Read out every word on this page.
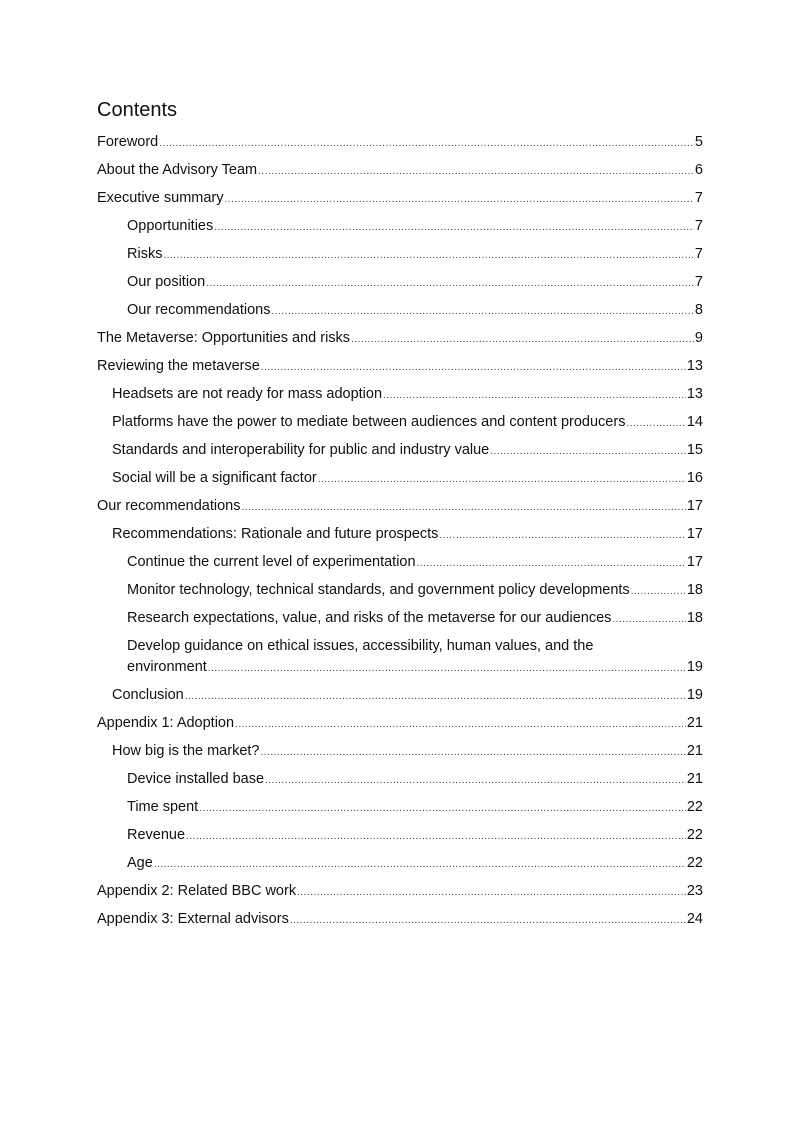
Contents
Foreword .....	5
About the Advisory Team .....	6
Executive summary .....	7
Opportunities .....	7
Risks .....	7
Our position .....	7
Our recommendations .....	8
The Metaverse: Opportunities and risks .....	9
Reviewing the metaverse .....	13
Headsets are not ready for mass adoption .....	13
Platforms have the power to mediate between audiences and content producers .....	14
Standards and interoperability for public and industry value .....	15
Social will be a significant factor .....	16
Our recommendations .....	17
Recommendations: Rationale and future prospects .....	17
Continue the current level of experimentation .....	17
Monitor technology, technical standards, and government policy developments .....	18
Research expectations, value, and risks of the metaverse for our audiences .....	18
Develop guidance on ethical issues, accessibility, human values, and the
environment .....	19
Conclusion .....	19
Appendix 1: Adoption .....	21
How big is the market? .....	21
Device installed base .....	21
Time spent .....	22
Revenue .....	22
Age .....	22
Appendix 2: Related BBC work .....	23
Appendix 3: External advisors .....	24
